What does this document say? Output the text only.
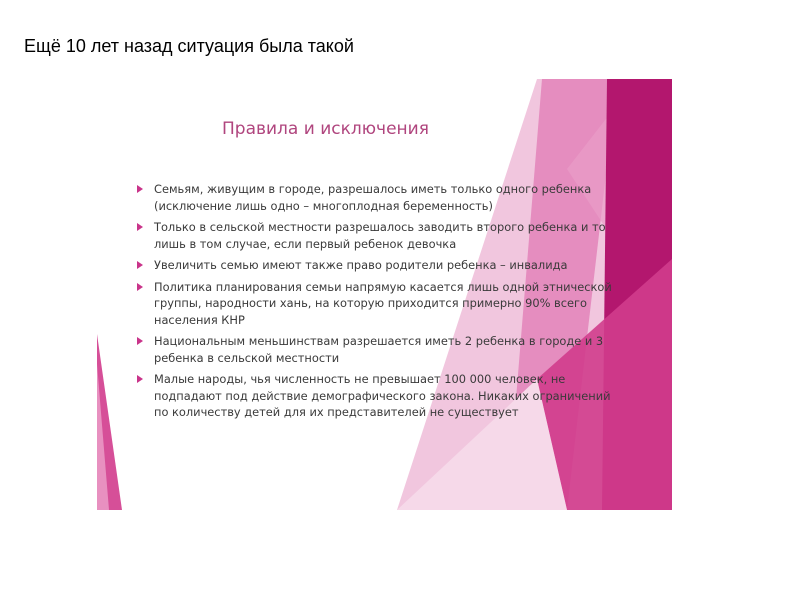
Ещё 10 лет назад ситуация была такой
Правила и исключения
Семьям, живущим в городе, разрешалось иметь только одного ребенка (исключение лишь одно – многоплодная беременность)
Только в сельской местности разрешалось заводить второго ребенка и то лишь в том случае, если первый ребенок девочка
Увеличить семью имеют также право родители ребенка – инвалида
Политика планирования семьи напрямую касается лишь одной этнической группы, народности хань, на которую приходится примерно 90% всего населения КНР
Национальным меньшинствам разрешается иметь 2 ребенка в городе и 3 ребенка в сельской местности
Малые народы, чья численность не превышает 100 000 человек, не подпадают под действие демографического закона. Никаких ограничений по количеству детей для их представителей не существует
